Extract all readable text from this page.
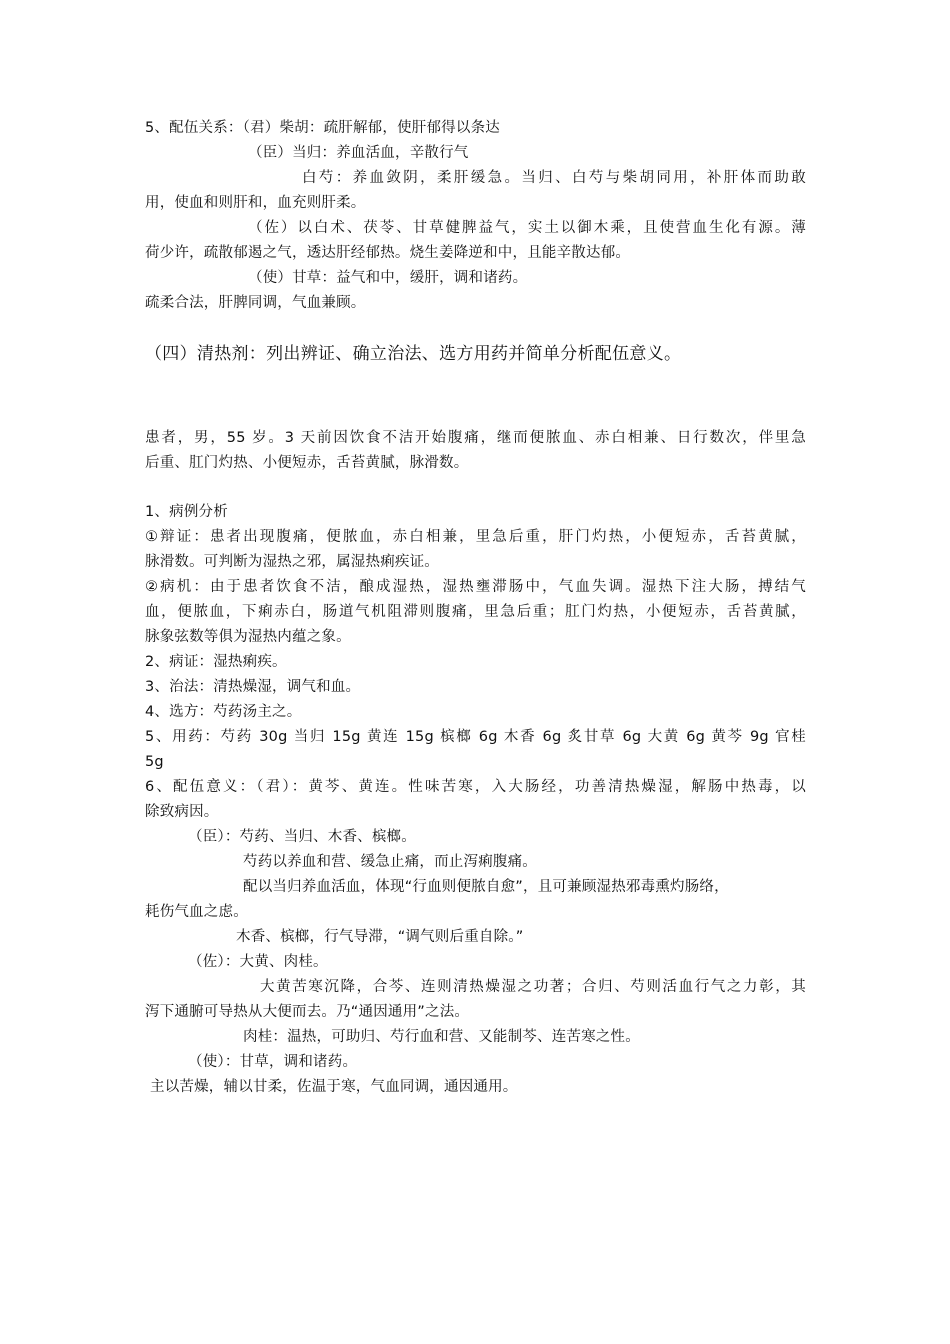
5、配伍关系：（君）柴胡：疏肝解郁，使肝郁得以条达
（臣）当归：养血活血，辛散行气
白芍：养血敛阴，柔肝缓急。当归、白芍与柴胡同用，补肝体而助敢
用，使血和则肝和，血充则肝柔。
（佐）以白术、茯苓、甘草健脾益气，实土以御木乘，且使营血生化有源。薄
荷少许，疏散郁遏之气，透达肝经郁热。烧生姜降逆和中，且能辛散达郁。
（使）甘草：益气和中，缓肝，调和诸药。
疏柔合法，肝脾同调，气血兼顾。
（四）清热剂：列出辨证、确立治法、选方用药并简单分析配伍意义。
患者，男，55 岁。3 天前因饮食不洁开始腹痛，继而便脓血、赤白相兼、日行数次，伴里急
后重、肛门灼热、小便短赤，舌苔黄腻，脉滑数。
1、病例分析
①辩证：患者出现腹痛，便脓血，赤白相兼，里急后重，肝门灼热，小便短赤，舌苔黄腻，
脉滑数。可判断为湿热之邪，属湿热痢疾证。
②病机：由于患者饮食不洁，酿成湿热，湿热壅滞肠中，气血失调。湿热下注大肠，搏结气
血，便脓血，下痢赤白，肠道气机阻滞则腹痛，里急后重；肛门灼热，小便短赤，舌苔黄腻，
脉象弦数等俱为湿热内蕴之象。
2、病证：湿热痢疾。
3、治法：清热燥湿，调气和血。
4、选方：芍药汤主之。
5、用药：芍药 30g 当归 15g 黄连 15g 槟榔 6g 木香 6g 炙甘草 6g 大黄 6g 黄芩 9g 官桂
5g
6、配伍意义：（君）：黄芩、黄连。性味苦寒，入大肠经，功善清热燥湿，解肠中热毒，以
除致病因。
（臣）：芍药、当归、木香、槟榔。
芍药以养血和营、缓急止痛，而止泻痢腹痛。
配以当归养血活血，体现“行血则便脓自愈”，且可兼顾湿热邪毒熏灼肠络，
耗伤气血之虑。
木香、槟榔，行气导滞，“调气则后重自除。”
（佐）：大黄、肉桂。
大黄苦寒沉降，合芩、连则清热燥湿之功著；合归、芍则活血行气之力彰，其
泻下通腑可导热从大便而去。乃“通因通用”之法。
肉桂：温热，可助归、芍行血和营、又能制芩、连苦寒之性。
（使）：甘草，调和诸药。
主以苦燥，辅以甘柔，佐温于寒，气血同调，通因通用。
